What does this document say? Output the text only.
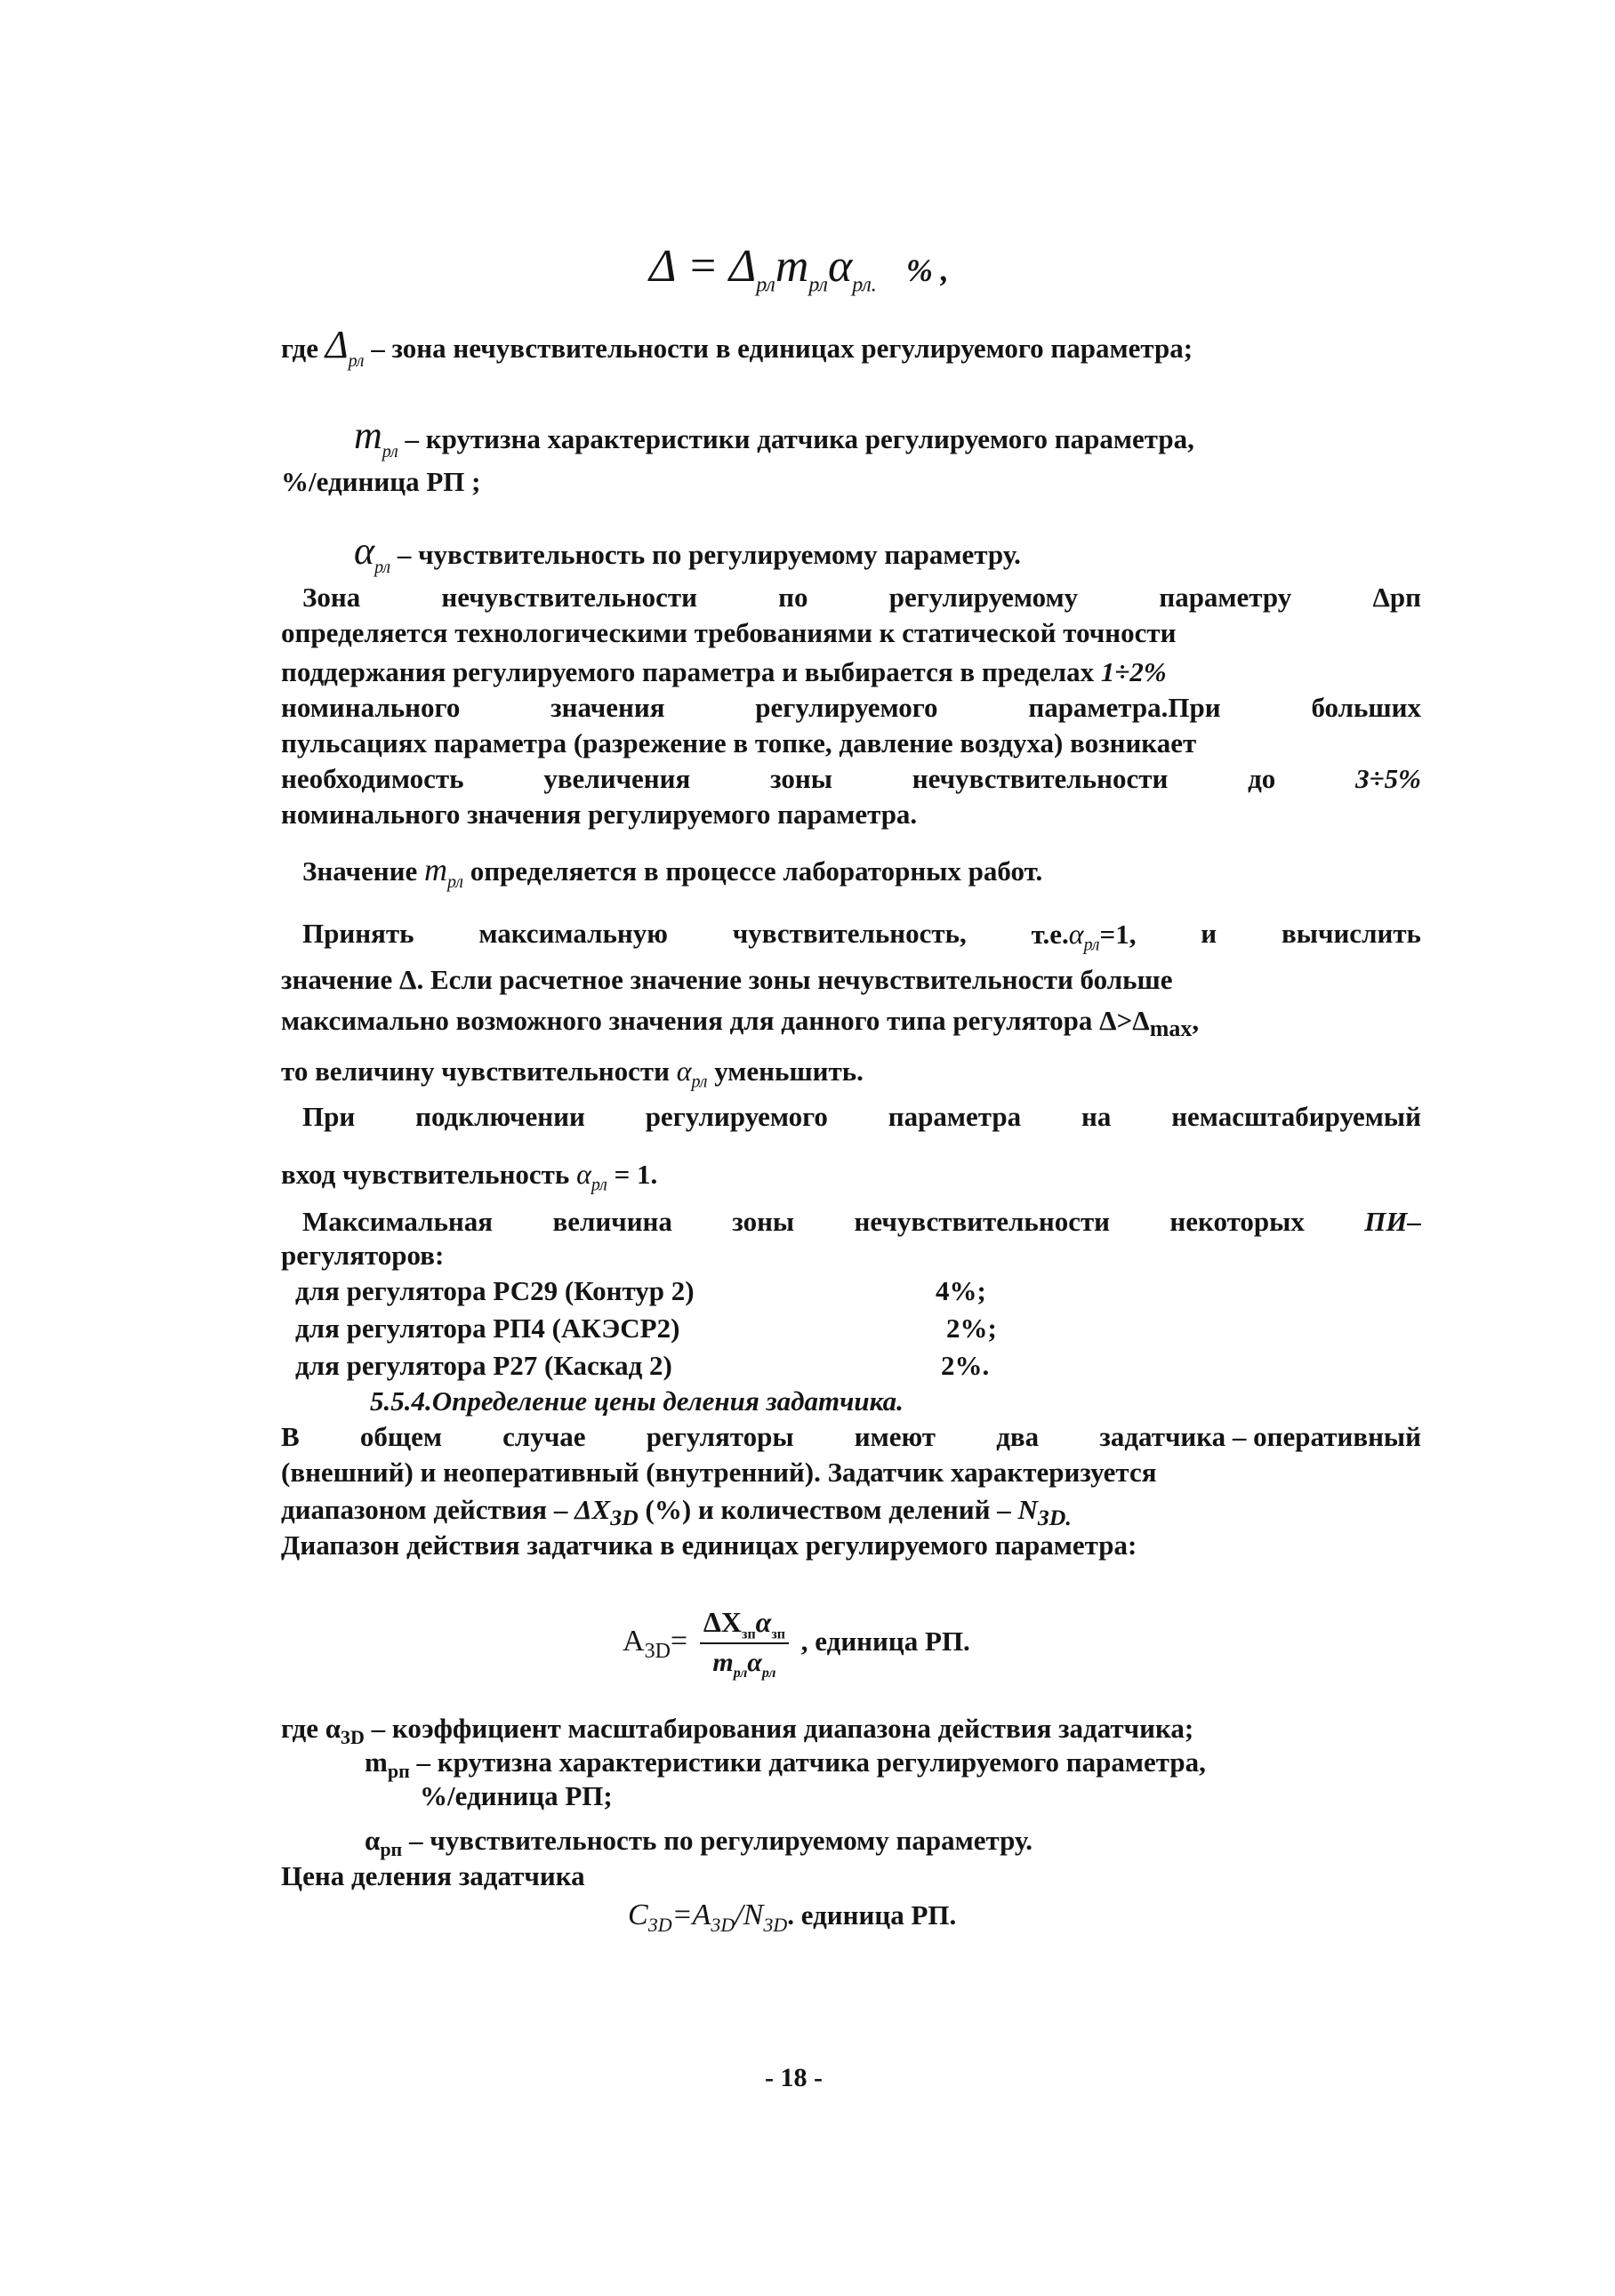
$\Delta = \Delta_{рл}m_{рл}\alpha_{рл.}$ % ,
где $\Delta_{рл}$ – зона нечувствительности в единицах регулируемого параметра;
$m_{рл}$ – крутизна характеристики датчика регулируемого параметра,
%/единица РП ;
$\alpha_{рл}$ – чувствительность по регулируемому параметру.
Зона	нечувствительности	по	регулируемому	параметру	Δрп
определяется технологическими требованиями к статической точности
поддержания регулируемого параметра и выбирается в пределах 1÷2%
номинального	значения	регулируемого	параметра.При	больших
пульсациях параметра (разрежение в топке, давление воздуха) возникает
необходимость	увеличения	зоны	нечувствительности	до	3÷5%
номинального значения регулируемого параметра.
Значение $m_{рл}$ определяется в процессе лабораторных работ.
Принять максимальную чувствительность, $т.е.\alpha_{рл}=1$, и вычислить
значение Δ. Если расчетное значение зоны нечувствительности больше
максимально возможного значения для данного типа регулятора $\Delta>\Delta_{max}$,
то величину чувствительности $\alpha_{рл}$ уменьшить.
При подключении регулируемого параметра на немасштабируемый
вход чувствительность $\alpha_{рл} = 1$.
Максимальная величина зоны нечувствительности некоторых ПИ–
регуляторов:
для регулятора РС29 (Контур 2)	4%;
для регулятора РП4 (АКЭСР2)	2%;
для регулятора Р27 (Каскад 2)	2%.
5.5.4.Определение цены деления задатчика.
В общем случае регуляторы имеют два задатчика – оперативный
(внешний) и неоперативный (внутренний). Задатчик характеризуется
диапазоном действия – $\Delta X_{3D}$ (%) и количеством делений – $N_{3D.}$
Диапазон действия задатчика в единицах регулируемого параметра:
$A_{3D}= \frac{\Delta X_{зп}\alpha_{зп}}{m_{рл}\alpha_{рл}}$ , единица РП.
где $\alpha_{3D}$ – коэффициент масштабирования диапазона действия задатчика;
$m_{рп}$ – крутизна характеристики датчика регулируемого параметра,
%/единица РП;
$\alpha_{рп}$ – чувствительность по регулируемому параметру.
Цена деления задатчика
$C_{3D}=A_{3D}/N_{3D}$. единица РП.
- 18 -
